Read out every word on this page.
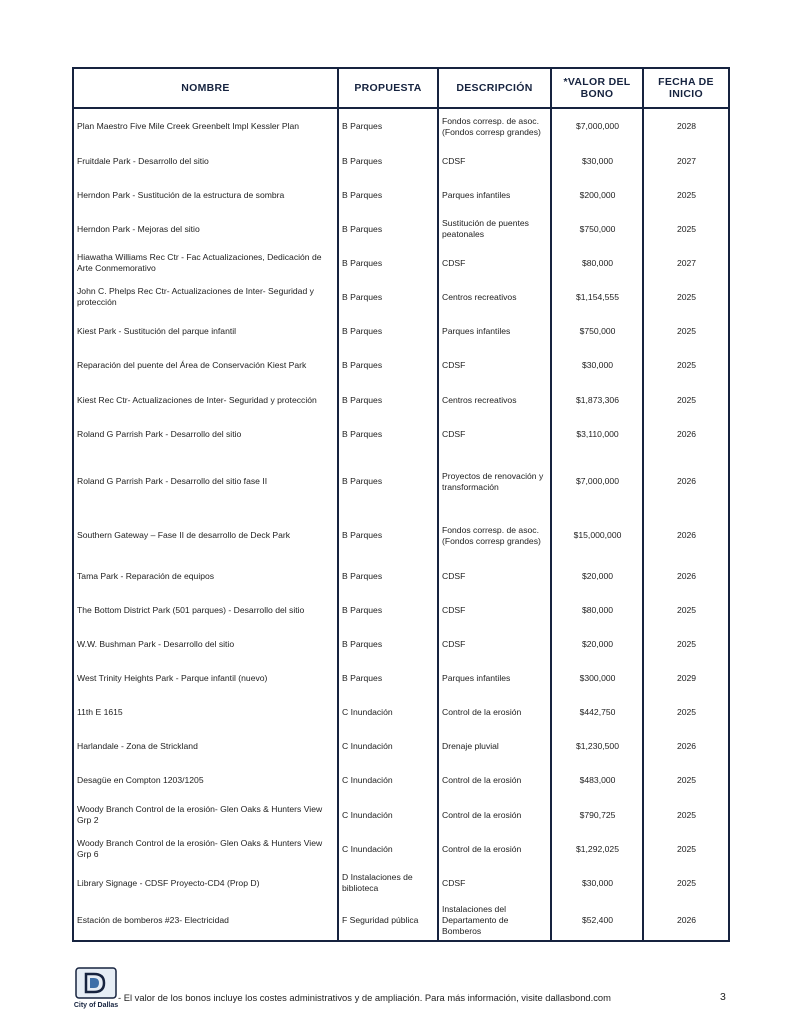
NOMBRE	PROPUESTA	DESCRIPCIÓN	*VALOR DEL BONO	FECHA DE INICIO
Plan Maestro Five Mile Creek Greenbelt Impl Kessler Plan	B Parques	Fondos corresp. de asoc. (Fondos corresp grandes)	$7,000,000	2028
Fruitdale Park - Desarrollo del sitio	B Parques	CDSF	$30,000	2027
Herndon Park - Sustitución de la estructura de sombra	B Parques	Parques infantiles	$200,000	2025
Herndon Park - Mejoras del sitio	B Parques	Sustitución de puentes peatonales	$750,000	2025
Hiawatha Williams Rec Ctr - Fac Actualizaciones, Dedicación de Arte Conmemorativo	B Parques	CDSF	$80,000	2027
John C. Phelps Rec Ctr- Actualizaciones de Inter- Seguridad y protección	B Parques	Centros recreativos	$1,154,555	2025
Kiest Park - Sustitución del parque infantil	B Parques	Parques infantiles	$750,000	2025
Reparación del puente del Área de Conservación Kiest Park	B Parques	CDSF	$30,000	2025
Kiest Rec Ctr- Actualizaciones de Inter- Seguridad y protección	B Parques	Centros recreativos	$1,873,306	2025
Roland G Parrish Park - Desarrollo del sitio	B Parques	CDSF	$3,110,000	2026
Roland G Parrish Park - Desarrollo del sitio fase II	B Parques	Proyectos de renovación y transformación	$7,000,000	2026
Southern Gateway – Fase II de desarrollo de Deck Park	B Parques	Fondos corresp. de asoc. (Fondos corresp grandes)	$15,000,000	2026
Tama Park - Reparación de equipos	B Parques	CDSF	$20,000	2026
The Bottom District Park (501 parques) - Desarrollo del sitio	B Parques	CDSF	$80,000	2025
W.W. Bushman Park - Desarrollo del sitio	B Parques	CDSF	$20,000	2025
West Trinity Heights Park - Parque infantil (nuevo)	B Parques	Parques infantiles	$300,000	2029
11th E 1615	C Inundación	Control de la erosión	$442,750	2025
Harlandale - Zona de Strickland	C Inundación	Drenaje pluvial	$1,230,500	2026
Desagüe en Compton 1203/1205	C Inundación	Control de la erosión	$483,000	2025
Woody Branch Control de la erosión- Glen Oaks & Hunters View Grp 2	C Inundación	Control de la erosión	$790,725	2025
Woody Branch Control de la erosión- Glen Oaks & Hunters View Grp 6	C Inundación	Control de la erosión	$1,292,025	2025
Library Signage - CDSF Proyecto-CD4 (Prop D)	D Instalaciones de biblioteca	CDSF	$30,000	2025
Estación de bomberos #23- Electricidad	F Seguridad pública	Instalaciones del Departamento de Bomberos	$52,400	2026
City of Dallas
- El valor de los bonos incluye los costes administrativos y de ampliación. Para más información, visite dallasbond.com	3
